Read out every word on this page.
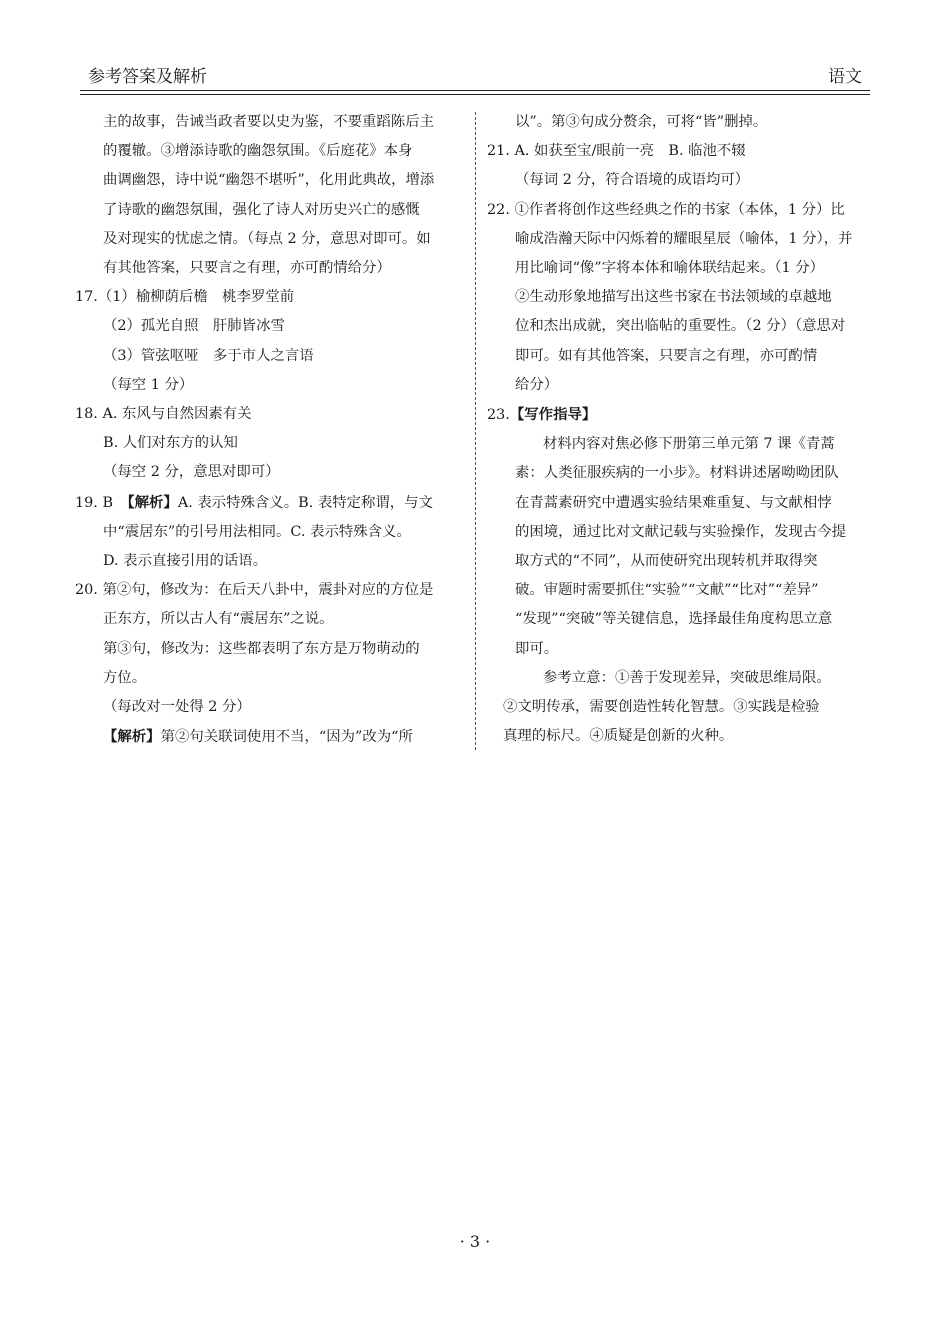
参考答案及解析	语文
主的故事，告诫当政者要以史为鉴，不要重蹈陈后主
的覆辙。③增添诗歌的幽怨氛围。《后庭花》本身
曲调幽怨，诗中说“幽怨不堪听”，化用此典故，增添
了诗歌的幽怨氛围，强化了诗人对历史兴亡的感慨
及对现实的忧虑之情。（每点 2 分，意思对即可。如
有其他答案，只要言之有理，亦可酌情给分）
17.（1）榆柳荫后檐　桃李罗堂前
（2）孤光自照　肝肺皆冰雪
（3）管弦呕哑　多于市人之言语
（每空 1 分）
18. A. 东风与自然因素有关
B. 人们对东方的认知
（每空 2 分，意思对即可）
19. B　【解析】A. 表示特殊含义。B. 表特定称谓，与文
中“震居东”的引号用法相同。C. 表示特殊含义。
D. 表示直接引用的话语。
20. 第②句，修改为：在后天八卦中，震卦对应的方位是
正东方，所以古人有“震居东”之说。
第③句，修改为：这些都表明了东方是万物萌动的
方位。
（每改对一处得 2 分）
【解析】第②句关联词使用不当，“因为”改为“所
以”。第③句成分赘余，可将“皆”删掉。
21. A. 如获至宝/眼前一亮　B. 临池不辍
（每词 2 分，符合语境的成语均可）
22. ①作者将创作这些经典之作的书家（本体，1 分）比
喻成浩瀚天际中闪烁着的耀眼星辰（喻体，1 分），并
用比喻词“像”字将本体和喻体联结起来。（1 分）
②生动形象地描写出这些书家在书法领域的卓越地
位和杰出成就，突出临帖的重要性。（2 分）（意思对
即可。如有其他答案，只要言之有理，亦可酌情
给分）
23.【写作指导】
材料内容对焦必修下册第三单元第 7 课《青蒿
素：人类征服疾病的一小步》。材料讲述屠呦呦团队
在青蒿素研究中遭遇实验结果难重复、与文献相悖
的困境，通过比对文献记载与实验操作，发现古今提
取方式的“不同”，从而使研究出现转机并取得突
破。审题时需要抓住“实验”“文献”“比对”“差异”
“发现”“突破”等关键信息，选择最佳角度构思立意
即可。
参考立意：①善于发现差异，突破思维局限。
②文明传承，需要创造性转化智慧。③实践是检验
真理的标尺。④质疑是创新的火种。
· 3 ·
